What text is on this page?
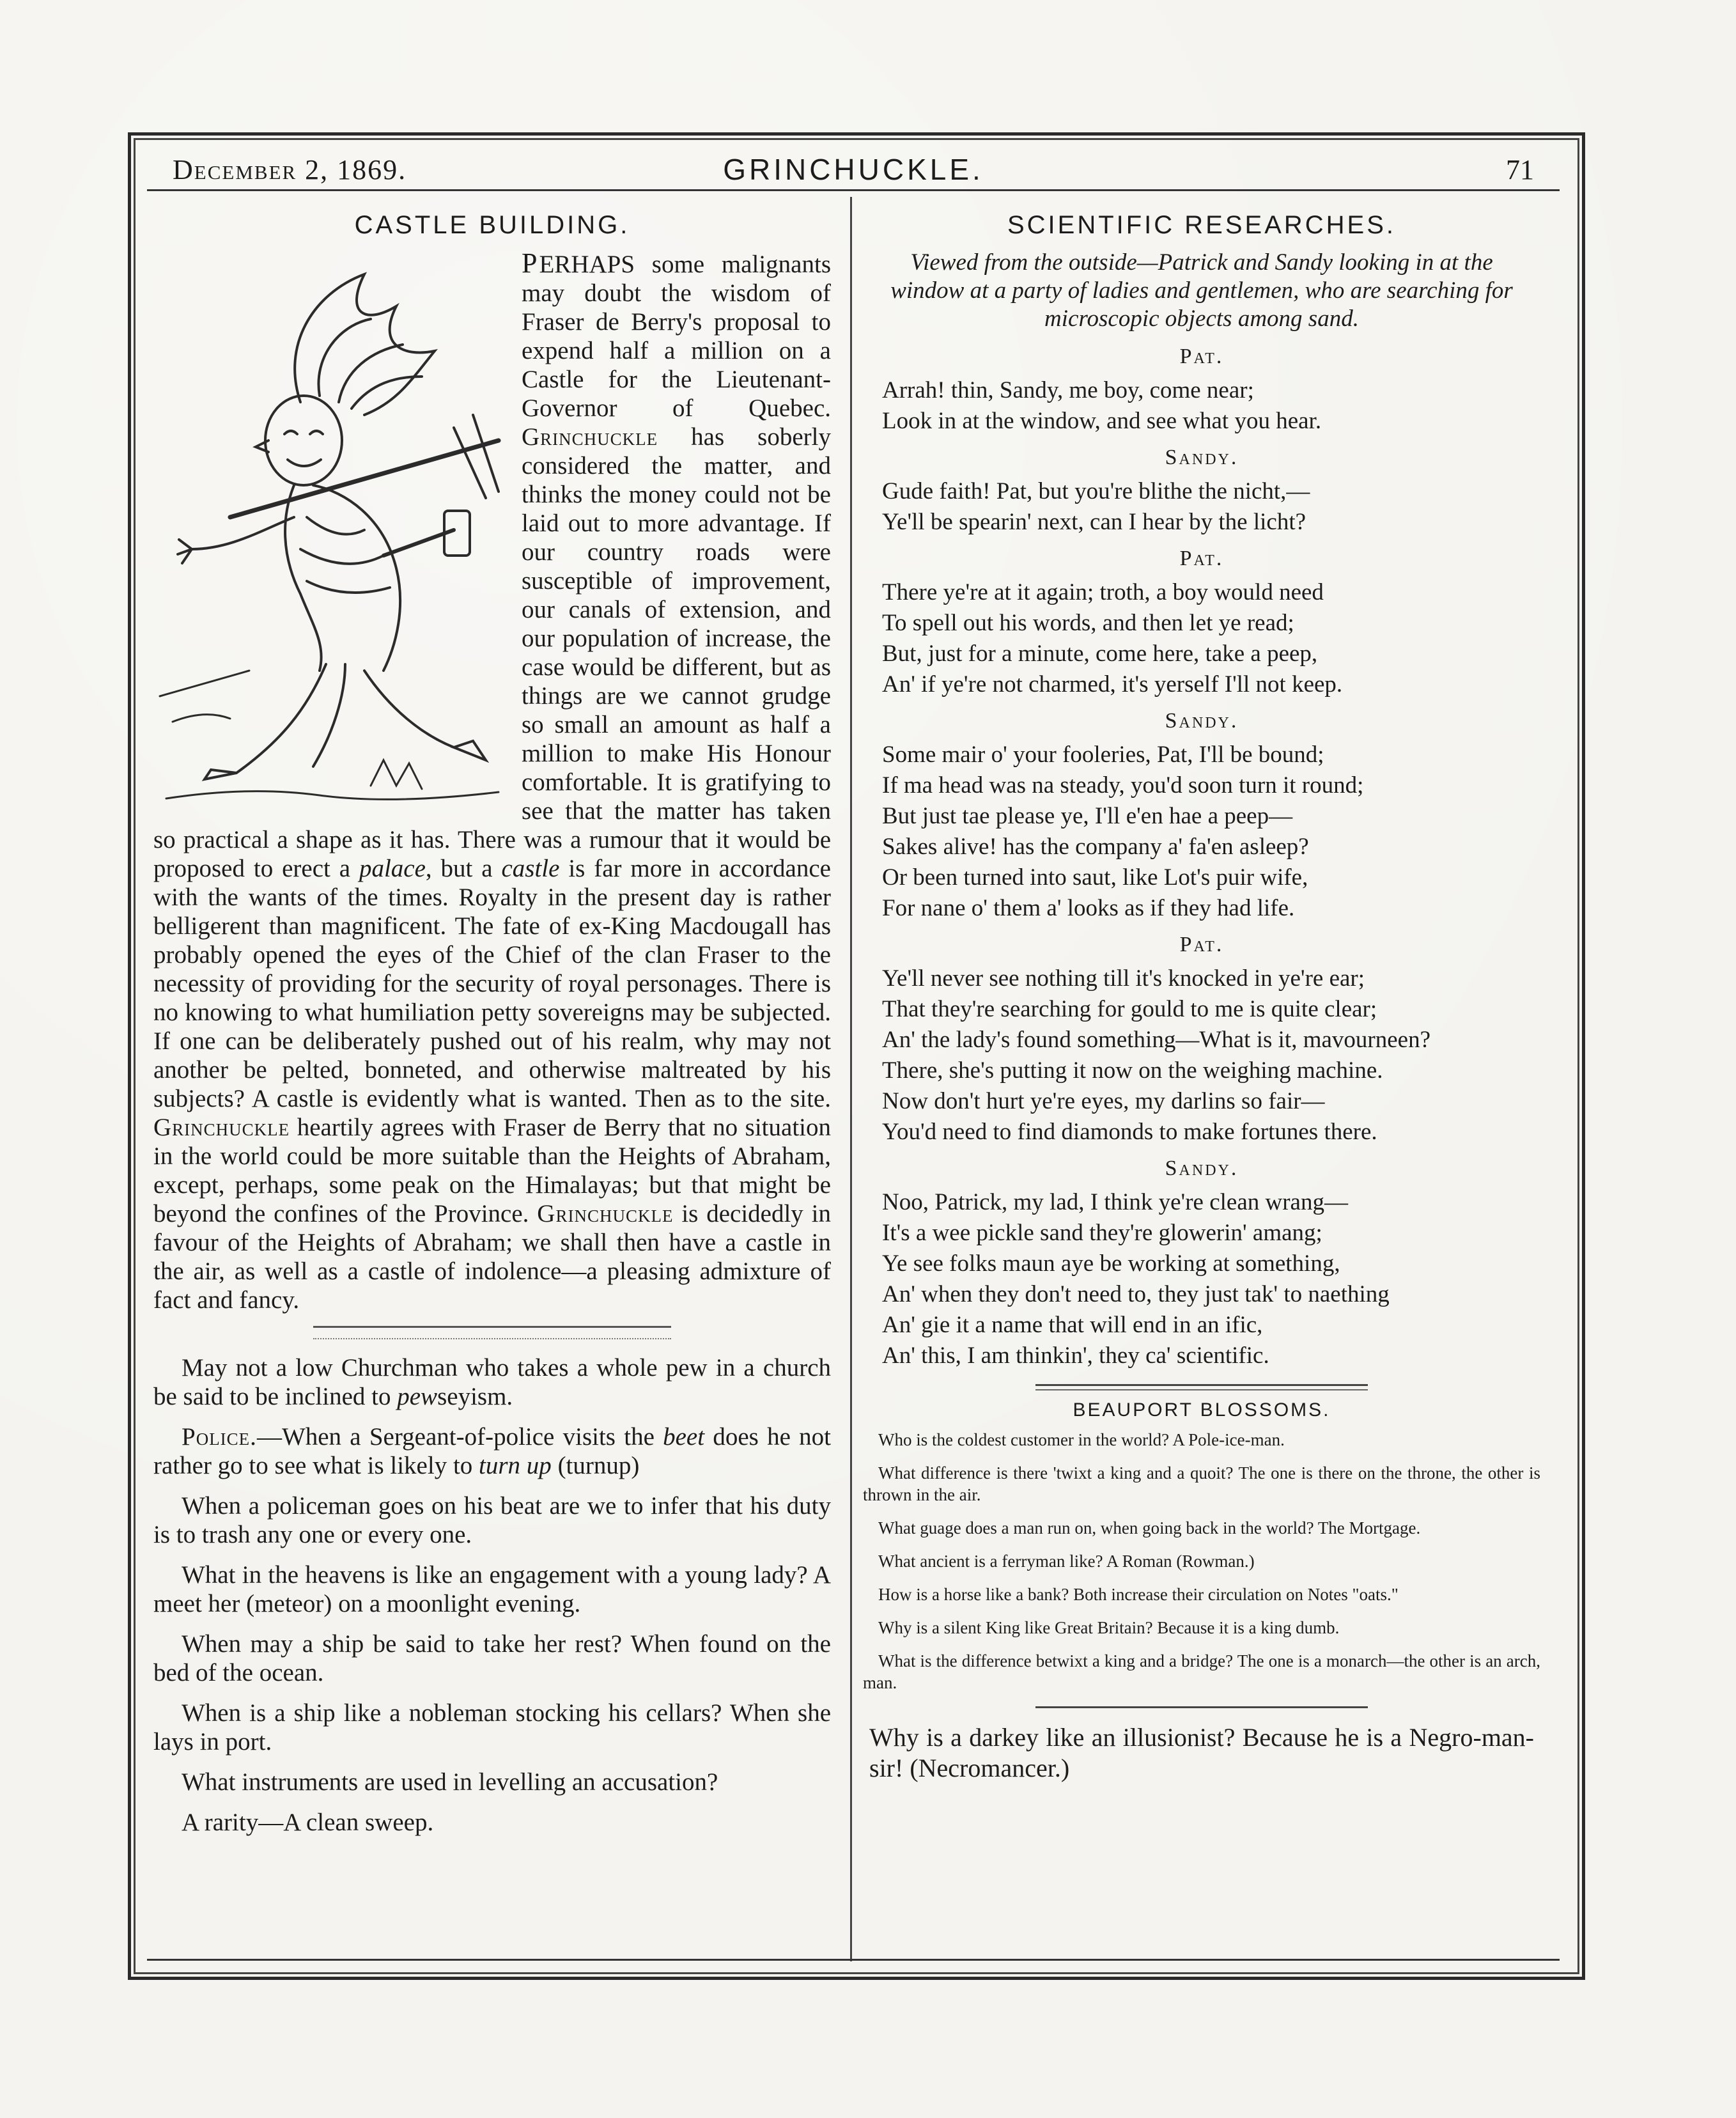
December 2, 1869.	GRINCHUCKLE.	71
CASTLE BUILDING.
PERHAPS some malignants may doubt the wisdom of Fraser de Berry's proposal to expend half a million on a Castle for the Lieutenant-Governor of Quebec. Grinchuckle has soberly considered the matter, and thinks the money could not be laid out to more advantage. If our country roads were susceptible of improvement, our canals of extension, and our population of increase, the case would be different, but as things are we cannot grudge so small an amount as half a million to make His Honour comfortable. It is gratifying to see that the matter has taken so practical a shape as it has. There was a rumour that it would be proposed to erect a palace, but a castle is far more in accordance with the wants of the times. Royalty in the present day is rather belligerent than magnificent. The fate of ex-King Macdougall has probably opened the eyes of the Chief of the clan Fraser to the necessity of providing for the security of royal personages. There is no knowing to what humiliation petty sovereigns may be subjected. If one can be deliberately pushed out of his realm, why may not another be pelted, bonneted, and otherwise maltreated by his subjects? A castle is evidently what is wanted. Then as to the site. Grinchuckle heartily agrees with Fraser de Berry that no situation in the world could be more suitable than the Heights of Abraham, except, perhaps, some peak on the Himalayas; but that might be beyond the confines of the Province. Grinchuckle is decidedly in favour of the Heights of Abraham; we shall then have a castle in the air, as well as a castle of indolence—a pleasing admixture of fact and fancy.

May not a low Churchman who takes a whole pew in a church be said to be inclined to pewseyism.

Police.—When a Sergeant-of-police visits the beet does he not rather go to see what is likely to turn up (turnup)

When a policeman goes on his beat are we to infer that his duty is to trash any one or every one.

What in the heavens is like an engagement with a young lady? A meet her (meteor) on a moonlight evening.

When may a ship be said to take her rest? When found on the bed of the ocean.

When is a ship like a nobleman stocking his cellars? When she lays in port.

What instruments are used in levelling an accusation?

A rarity—A clean sweep.

SCIENTIFIC RESEARCHES.

Viewed from the outside—Patrick and Sandy looking in at the window at a party of ladies and gentlemen, who are searching for microscopic objects among sand.

Pat.
Arrah! thin, Sandy, me boy, come near;
Look in at the window, and see what you hear.
Sandy.
Gude faith! Pat, but you're blithe the nicht,—
Ye'll be spearin' next, can I hear by the licht?
Pat.
There ye're at it again; troth, a boy would need
To spell out his words, and then let ye read;
But, just for a minute, come here, take a peep,
An' if ye're not charmed, it's yerself I'll not keep.
Sandy.
Some mair o' your fooleries, Pat, I'll be bound;
If ma head was na steady, you'd soon turn it round;
But just tae please ye, I'll e'en hae a peep—
Sakes alive! has the company a' fa'en asleep?
Or been turned into saut, like Lot's puir wife,
For nane o' them a' looks as if they had life.
Pat.
Ye'll never see nothing till it's knocked in ye're ear;
That they're searching for gould to me is quite clear;
An' the lady's found something—What is it, mavourneen?
There, she's putting it now on the weighing machine.
Now don't hurt ye're eyes, my darlins so fair—
You'd need to find diamonds to make fortunes there.
Sandy.
Noo, Patrick, my lad, I think ye're clean wrang—
It's a wee pickle sand they're glowerin' amang;
Ye see folks maun aye be working at something,
An' when they don't need to, they just tak' to naething
An' gie it a name that will end in an ific,
An' this, I am thinkin', they ca' scientific.
BEAUPORT BLOSSOMS.

Who is the coldest customer in the world? A Pole-ice-man.

What difference is there 'twixt a king and a quoit? The one is there on the throne, the other is thrown in the air.

What guage does a man run on, when going back in the world? The Mortgage.

What ancient is a ferryman like? A Roman (Rowman.)

How is a horse like a bank? Both increase their circulation on Notes "oats."

Why is a silent King like Great Britain? Because it is a king dumb.

What is the difference betwixt a king and a bridge? The one is a monarch—the other is an arch, man.

Why is a darkey like an illusionist? Because he is a Negro-man-sir! (Necromancer.)
